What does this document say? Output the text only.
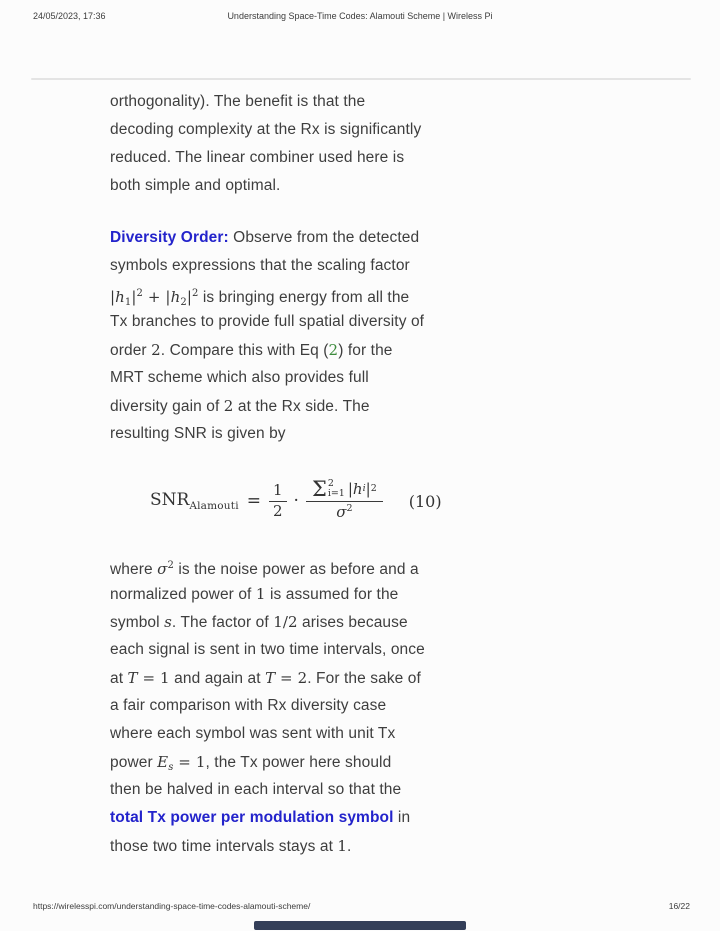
24/05/2023, 17:36	Understanding Space-Time Codes: Alamouti Scheme | Wireless Pi
orthogonality). The benefit is that the
decoding complexity at the Rx is significantly
reduced. The linear combiner used here is
both simple and optimal.
Diversity Order: Observe from the detected
symbols expressions that the scaling factor
$|h1|^2 + |h2|^2$ is bringing energy from all the
Tx branches to provide full spatial diversity of
order 2. Compare this with Eq (2) for the
MRT scheme which also provides full
diversity gain of 2 at the Rx side. The
resulting SNR is given by
$SNR_{Alamouti} = \frac{1}{2} \cdot \Sigma$ 2
i=1 |h i | 2
$\sigma^2$	(10)
where $\sigma^2$ is the noise power as before and a
normalized power of 1 is assumed for the
symbol s. The factor of 1/2 arises because
each signal is sent in two time intervals, once
at T = 1 and again at T = 2. For the sake of
a fair comparison with Rx diversity case
where each symbol was sent with unit Tx
power Es = 1, the Tx power here should
then be halved in each interval so that the
total Tx power per modulation symbol in
those two time intervals stays at 1.
https://wirelesspi.com/understanding-space-time-codes-alamouti-scheme/	16/22
